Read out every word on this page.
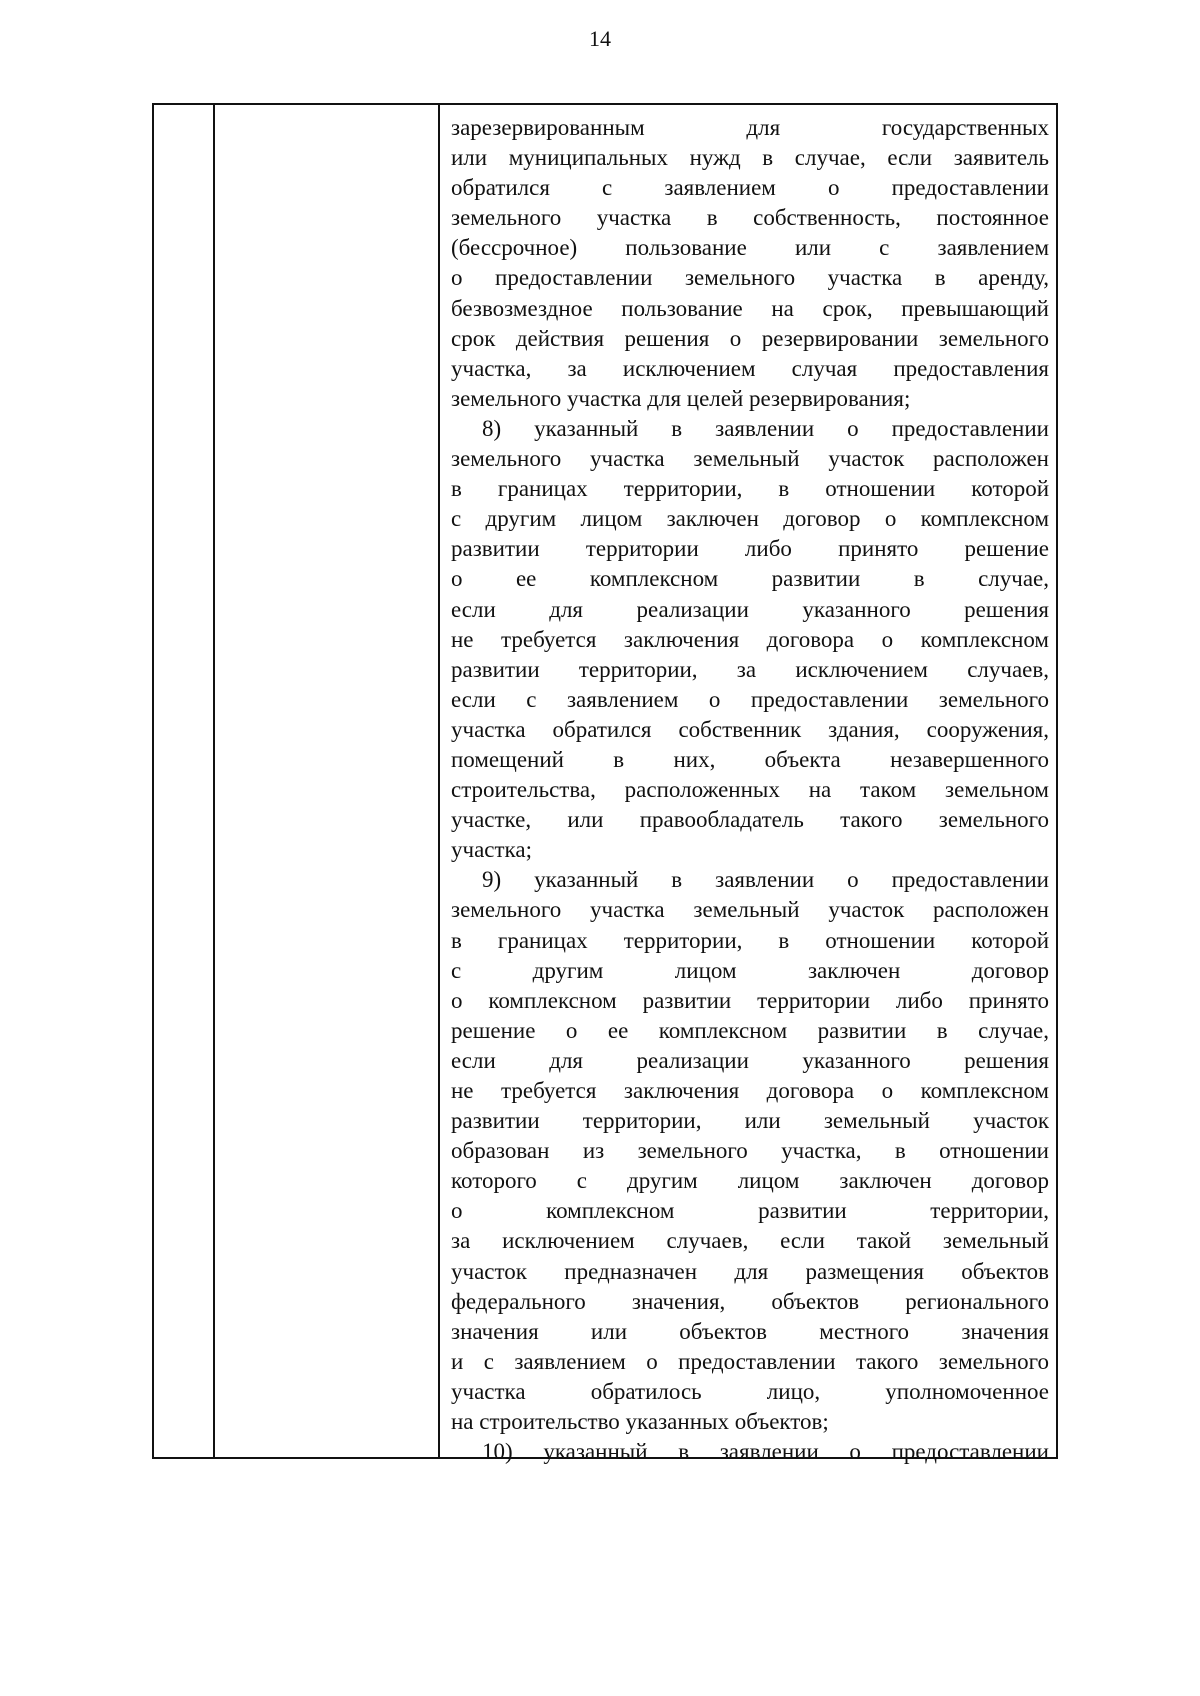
14
зарезервированным для государственных
или муниципальных нужд в случае, если заявитель
обратился с заявлением о предоставлении
земельного участка в собственность, постоянное
(бессрочное) пользование или с заявлением
о предоставлении земельного участка в аренду,
безвозмездное пользование на срок, превышающий
срок действия решения о резервировании земельного
участка, за исключением случая предоставления
земельного участка для целей резервирования;
8) указанный в заявлении о предоставлении
земельного участка земельный участок расположен
в границах территории, в отношении которой
с другим лицом заключен договор о комплексном
развитии территории либо принято решение
о ее комплексном развитии в случае,
если для реализации указанного решения
не требуется заключения договора о комплексном
развитии территории, за исключением случаев,
если с заявлением о предоставлении земельного
участка обратился собственник здания, сооружения,
помещений в них, объекта незавершенного
строительства, расположенных на таком земельном
участке, или правообладатель такого земельного
участка;
9) указанный в заявлении о предоставлении
земельного участка земельный участок расположен
в границах территории, в отношении которой
с другим лицом заключен договор
о комплексном развитии территории либо принято
решение о ее комплексном развитии в случае,
если для реализации указанного решения
не требуется заключения договора о комплексном
развитии территории, или земельный участок
образован из земельного участка, в отношении
которого с другим лицом заключен договор
о комплексном развитии территории,
за исключением случаев, если такой земельный
участок предназначен для размещения объектов
федерального значения, объектов регионального
значения или объектов местного значения
и с заявлением о предоставлении такого земельного
участка обратилось лицо, уполномоченное
на строительство указанных объектов;
10) указанный в заявлении о предоставлении
